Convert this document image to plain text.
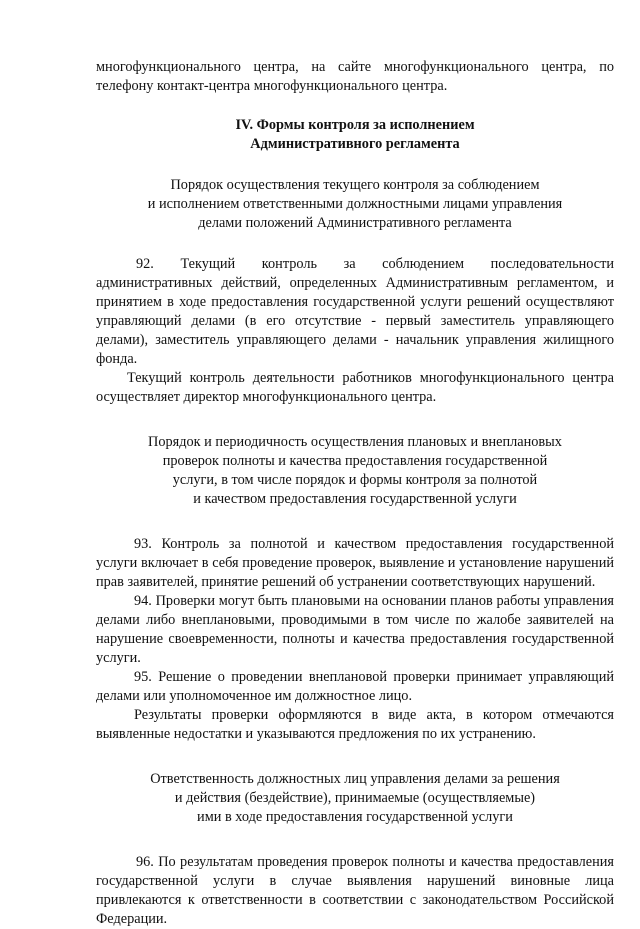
многофункционального центра, на сайте многофункционального центра, по телефону контакт-центра многофункционального центра.

IV. Формы контроля за исполнением
Административного регламента
Порядок осуществления текущего контроля за соблюдением
и исполнением ответственными должностными лицами управления
делами положений Административного регламента

92. Текущий контроль за соблюдением последовательности административных действий, определенных Административным регламентом, и принятием в ходе предоставления государственной услуги решений осуществляют управляющий делами (в его отсутствие - первый заместитель управляющего делами), заместитель управляющего делами - начальник управления жилищного фонда.

Текущий контроль деятельности работников многофункционального центра осуществляет директор многофункционального центра.

Порядок и периодичность осуществления плановых и внеплановых
проверок полноты и качества предоставления государственной
услуги, в том числе порядок и формы контроля за полнотой
и качеством предоставления государственной услуги

93. Контроль за полнотой и качеством предоставления государственной услуги включает в себя проведение проверок, выявление и установление нарушений прав заявителей, принятие решений об устранении соответствующих нарушений.

94. Проверки могут быть плановыми на основании планов работы управления делами либо внеплановыми, проводимыми в том числе по жалобе заявителей на нарушение своевременности, полноты и качества предоставления государственной услуги.

95. Решение о проведении внеплановой проверки принимает управляющий делами или уполномоченное им должностное лицо.

Результаты проверки оформляются в виде акта, в котором отмечаются выявленные недостатки и указываются предложения по их устранению.

Ответственность должностных лиц управления делами за решения
и действия (бездействие), принимаемые (осуществляемые)
ими в ходе предоставления государственной услуги

96. По результатам проведения проверок полноты и качества предоставления государственной услуги в случае выявления нарушений виновные лица привлекаются к ответственности в соответствии с законодательством Российской Федерации.
